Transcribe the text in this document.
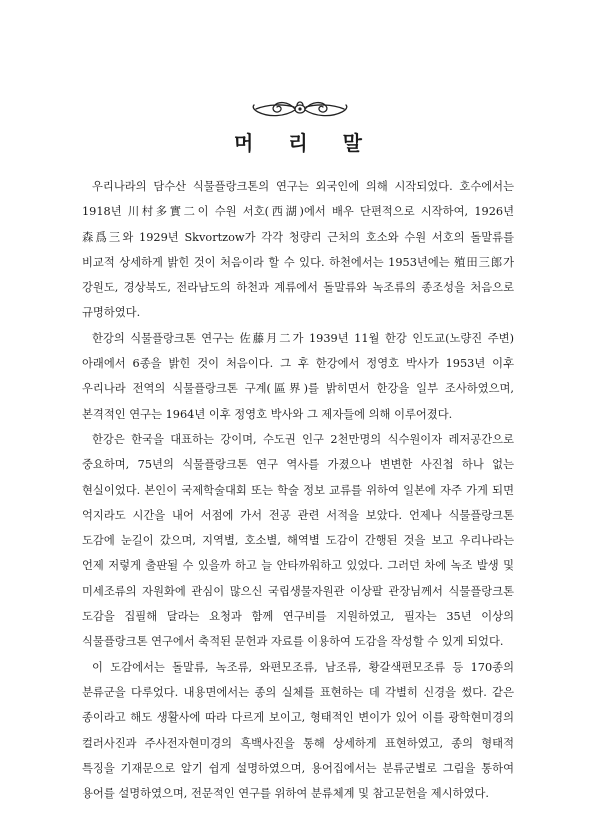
머 리 말

우리나라의 담수산 식물플랑크톤의 연구는 외국인에 의해 시작되었다. 호수에서는 1918년 川村多實二이 수원 서호(西湖)에서 배우 단편적으로 시작하여, 1926년 森爲三와 1929년 Skvortzow가 각각 청량리 근처의 호소와 수원 서호의 돌말류를 비교적 상세하게 밝힌 것이 처음이라 할 수 있다. 하천에서는 1953년에는 殖田三郎가 강원도, 경상북도, 전라남도의 하천과 계류에서 돌말류와 녹조류의 종조성을 처음으로 규명하였다.

한강의 식물플랑크톤 연구는 佐藤月二가 1939년 11월 한강 인도교(노량진 주변) 아래에서 6종을 밝힌 것이 처음이다. 그 후 한강에서 정영호 박사가 1953년 이후 우리나라 전역의 식물플랑크톤 구계(區界)를 밝히면서 한강을 일부 조사하였으며, 본격적인 연구는 1964년 이후 정영호 박사와 그 제자들에 의해 이루어졌다.

한강은 한국을 대표하는 강이며, 수도권 인구 2천만명의 식수원이자 레저공간으로 중요하며, 75년의 식물플랑크톤 연구 역사를 가졌으나 변변한 사진첩 하나 없는 현실이었다. 본인이 국제학술대회 또는 학술 정보 교류를 위하여 일본에 자주 가게 되면 억지라도 시간을 내어 서점에 가서 전공 관련 서적을 보았다. 언제나 식물플랑크톤 도감에 눈길이 갔으며, 지역별, 호소별, 해역별 도감이 간행된 것을 보고 우리나라는 언제 저렇게 출판될 수 있을까 하고 늘 안타까워하고 있었다. 그러던 차에 녹조 발생 및 미세조류의 자원화에 관심이 많으신 국립생물자원관 이상팔 관장님께서 식물플랑크톤 도감을 집필해 달라는 요청과 함께 연구비를 지원하였고, 필자는 35년 이상의 식물플랑크톤 연구에서 축적된 문헌과 자료를 이용하여 도감을 작성할 수 있게 되었다.

이 도감에서는 돌말류, 녹조류, 와편모조류, 남조류, 황갈색편모조류 등 170종의 분류군을 다루었다. 내용면에서는 종의 실체를 표현하는 데 각별히 신경을 썼다. 같은 종이라고 해도 생활사에 따라 다르게 보이고, 형태적인 변이가 있어 이를 광학현미경의 컬러사진과 주사전자현미경의 흑백사진을 통해 상세하게 표현하였고, 종의 형태적 특징을 기재문으로 알기 쉽게 설명하였으며, 용어집에서는 분류군별로 그림을 통하여 용어를 설명하였으며, 전문적인 연구를 위하여 분류체계 및 참고문헌을 제시하였다.
